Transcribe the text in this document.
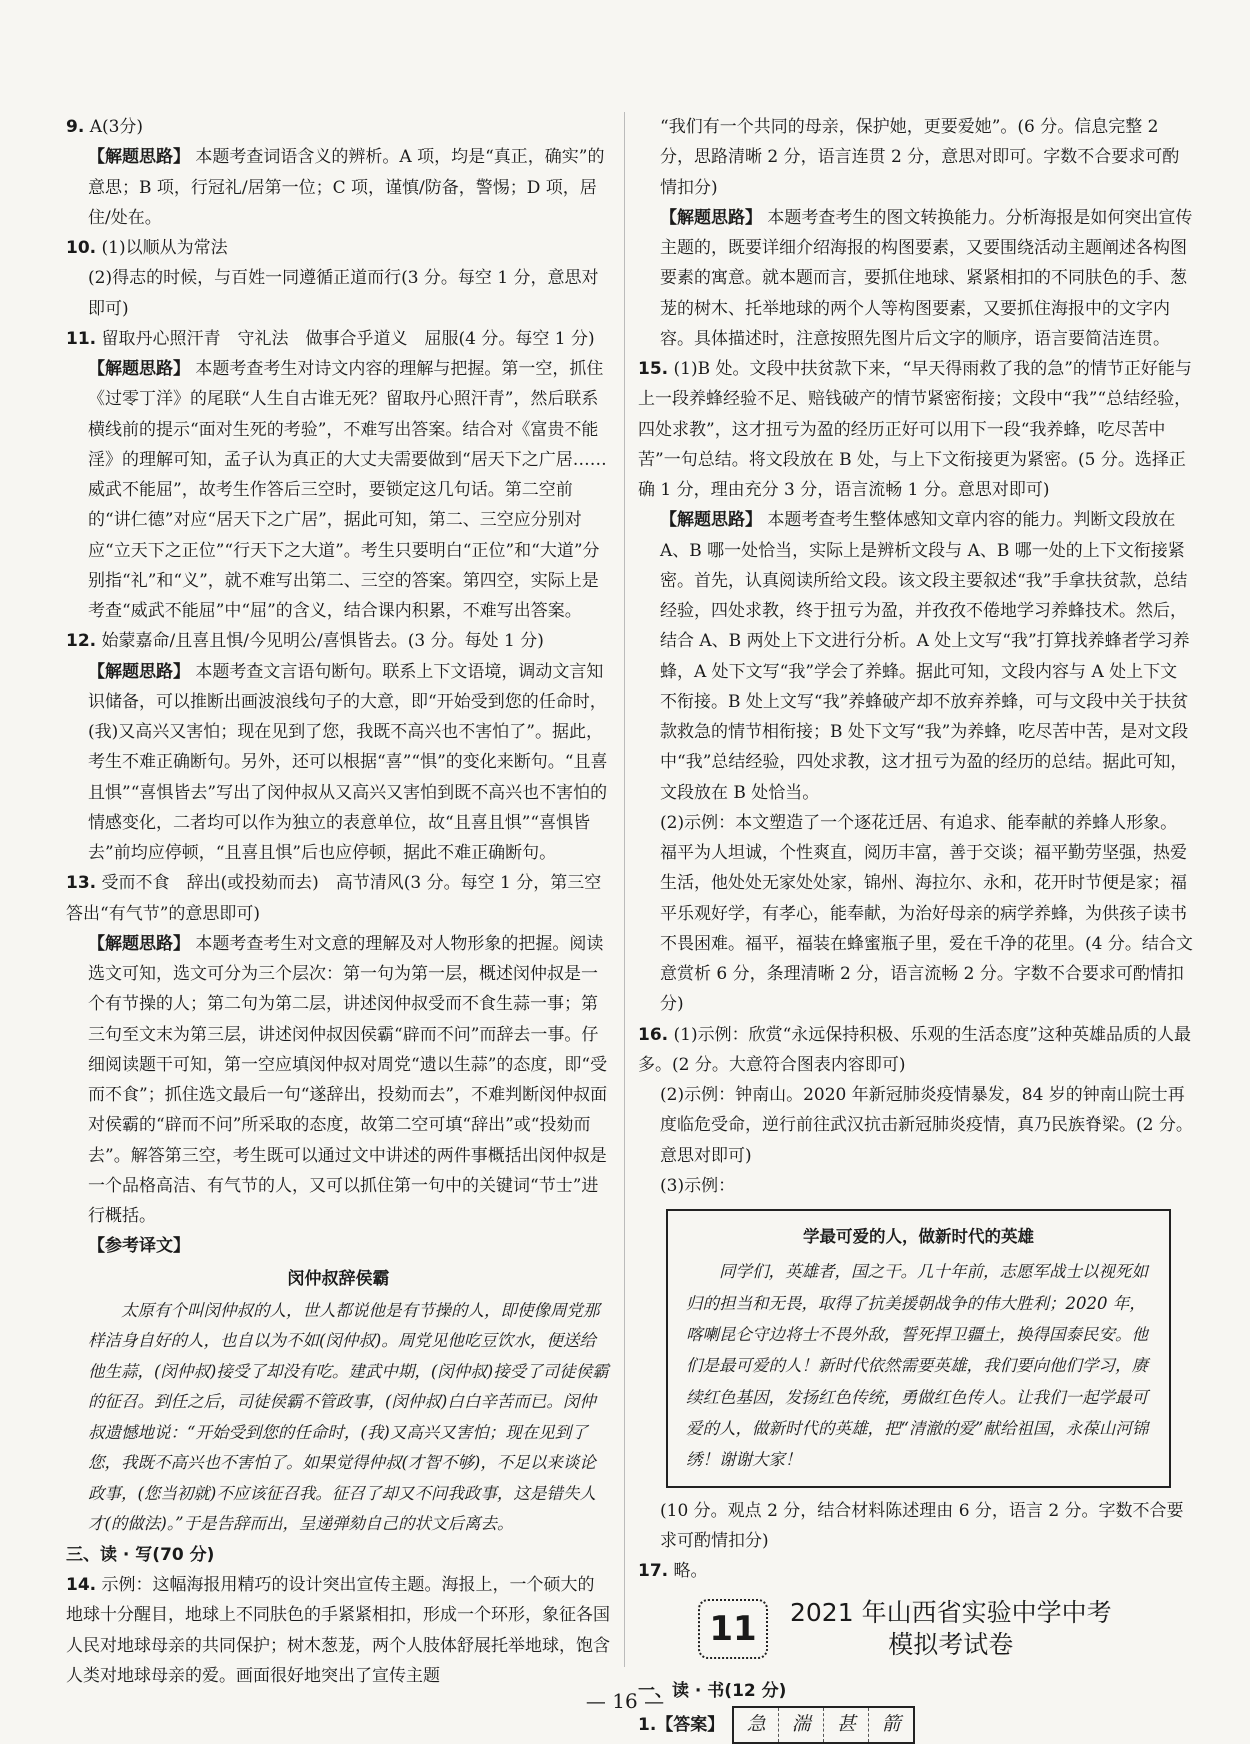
9. A(3分)

【解题思路】 本题考查词语含义的辨析。A 项，均是“真正，确实”的意思；B 项，行冠礼/居第一位；C 项，谨慎/防备，警惕；D 项，居住/处在。

10. (1)以顺从为常法

(2)得志的时候，与百姓一同遵循正道而行(3 分。每空 1 分，意思对即可)

11. 留取丹心照汗青　守礼法　做事合乎道义　屈服(4 分。每空 1 分)

【解题思路】 本题考查考生对诗文内容的理解与把握。第一空，抓住《过零丁洋》的尾联“人生自古谁无死？留取丹心照汗青”，然后联系横线前的提示“面对生死的考验”，不难写出答案。结合对《富贵不能淫》的理解可知，孟子认为真正的大丈夫需要做到“居天下之广居……威武不能屈”，故考生作答后三空时，要锁定这几句话。第二空前的“讲仁德”对应“居天下之广居”，据此可知，第二、三空应分别对应“立天下之正位”“行天下之大道”。考生只要明白“正位”和“大道”分别指“礼”和“义”，就不难写出第二、三空的答案。第四空，实际上是考查“威武不能屈”中“屈”的含义，结合课内积累，不难写出答案。

12. 始蒙嘉命/且喜且惧/今见明公/喜惧皆去。(3 分。每处 1 分)

【解题思路】 本题考查文言语句断句。联系上下文语境，调动文言知识储备，可以推断出画波浪线句子的大意，即“开始受到您的任命时，(我)又高兴又害怕；现在见到了您，我既不高兴也不害怕了”。据此，考生不难正确断句。另外，还可以根据“喜”“惧”的变化来断句。“且喜且惧”“喜惧皆去”写出了闵仲叔从又高兴又害怕到既不高兴也不害怕的情感变化，二者均可以作为独立的表意单位，故“且喜且惧”“喜惧皆去”前均应停顿，“且喜且惧”后也应停顿，据此不难正确断句。

13. 受而不食　辞出(或投劾而去)　高节清风(3 分。每空 1 分，第三空答出“有气节”的意思即可)

【解题思路】 本题考查考生对文意的理解及对人物形象的把握。阅读选文可知，选文可分为三个层次：第一句为第一层，概述闵仲叔是一个有节操的人；第二句为第二层，讲述闵仲叔受而不食生蒜一事；第三句至文末为第三层，讲述闵仲叔因侯霸“辟而不问”而辞去一事。仔细阅读题干可知，第一空应填闵仲叔对周党“遗以生蒜”的态度，即“受而不食”；抓住选文最后一句“遂辞出，投劾而去”，不难判断闵仲叔面对侯霸的“辟而不问”所采取的态度，故第二空可填“辞出”或“投劾而去”。解答第三空，考生既可以通过文中讲述的两件事概括出闵仲叔是一个品格高洁、有气节的人，又可以抓住第一句中的关键词“节士”进行概括。

【参考译文】

闵仲叔辞侯霸

太原有个叫闵仲叔的人，世人都说他是有节操的人，即使像周党那样洁身自好的人，也自以为不如(闵仲叔)。周党见他吃豆饮水，便送给他生蒜，(闵仲叔)接受了却没有吃。建武中期，(闵仲叔)接受了司徒侯霸的征召。到任之后，司徒侯霸不管政事，(闵仲叔)白白辛苦而已。闵仲叔遗憾地说：“开始受到您的任命时，(我)又高兴又害怕；现在见到了您，我既不高兴也不害怕了。如果觉得仲叔(才智不够)，不足以来谈论政事，(您当初就)不应该征召我。征召了却又不问我政事，这是错失人才(的做法)。”于是告辞而出，呈递弹劾自己的状文后离去。

三、读 · 写(70 分)

14. 示例：这幅海报用精巧的设计突出宣传主题。海报上，一个硕大的地球十分醒目，地球上不同肤色的手紧紧相扣，形成一个环形，象征各国人民对地球母亲的共同保护；树木葱茏，两个人肢体舒展托举地球，饱含人类对地球母亲的爱。画面很好地突出了宣传主题

“我们有一个共同的母亲，保护她，更要爱她”。(6 分。信息完整 2 分，思路清晰 2 分，语言连贯 2 分，意思对即可。字数不合要求可酌情扣分)

【解题思路】 本题考查考生的图文转换能力。分析海报是如何突出宣传主题的，既要详细介绍海报的构图要素，又要围绕活动主题阐述各构图要素的寓意。就本题而言，要抓住地球、紧紧相扣的不同肤色的手、葱茏的树木、托举地球的两个人等构图要素，又要抓住海报中的文字内容。具体描述时，注意按照先图片后文字的顺序，语言要简洁连贯。

15. (1)B 处。文段中扶贫款下来，“早天得雨救了我的急”的情节正好能与上一段养蜂经验不足、赔钱破产的情节紧密衔接；文段中“我”“总结经验，四处求教”，这才扭亏为盈的经历正好可以用下一段“我养蜂，吃尽苦中苦”一句总结。将文段放在 B 处，与上下文衔接更为紧密。(5 分。选择正确 1 分，理由充分 3 分，语言流畅 1 分。意思对即可)

【解题思路】 本题考查考生整体感知文章内容的能力。判断文段放在 A、B 哪一处恰当，实际上是辨析文段与 A、B 哪一处的上下文衔接紧密。首先，认真阅读所给文段。该文段主要叙述“我”手拿扶贫款，总结经验，四处求教，终于扭亏为盈，并孜孜不倦地学习养蜂技术。然后，结合 A、B 两处上下文进行分析。A 处上文写“我”打算找养蜂者学习养蜂，A 处下文写“我”学会了养蜂。据此可知，文段内容与 A 处上下文不衔接。B 处上文写“我”养蜂破产却不放弃养蜂，可与文段中关于扶贫款救急的情节相衔接；B 处下文写“我”为养蜂，吃尽苦中苦，是对文段中“我”总结经验，四处求教，这才扭亏为盈的经历的总结。据此可知，文段放在 B 处恰当。

(2)示例：本文塑造了一个逐花迁居、有追求、能奉献的养蜂人形象。福平为人坦诚，个性爽直，阅历丰富，善于交谈；福平勤劳坚强，热爱生活，他处处无家处处家，锦州、海拉尔、永和，花开时节便是家；福平乐观好学，有孝心，能奉献，为治好母亲的病学养蜂，为供孩子读书不畏困难。福平，福装在蜂蜜瓶子里，爱在千净的花里。(4 分。结合文意赏析 6 分，条理清晰 2 分，语言流畅 2 分。字数不合要求可酌情扣分)

16. (1)示例：欣赏“永远保持积极、乐观的生活态度”这种英雄品质的人最多。(2 分。大意符合图表内容即可)

(2)示例：钟南山。2020 年新冠肺炎疫情暴发，84 岁的钟南山院士再度临危受命，逆行前往武汉抗击新冠肺炎疫情，真乃民族脊梁。(2 分。意思对即可)

(3)示例：

学最可爱的人，做新时代的英雄

同学们，英雄者，国之干。几十年前，志愿军战士以视死如归的担当和无畏，取得了抗美援朝战争的伟大胜利；2020 年，喀喇昆仑守边将士不畏外敌，誓死捍卫疆土，换得国泰民安。他们是最可爱的人！新时代依然需要英雄，我们要向他们学习，赓续红色基因，发扬红色传统，勇做红色传人。让我们一起学最可爱的人，做新时代的英雄，把“清澈的爱”献给祖国，永葆山河锦绣！谢谢大家！

(10 分。观点 2 分，结合材料陈述理由 6 分，语言 2 分。字数不合要求可酌情扣分)

17. 略。

11	2021 年山西省实验中学中考
模拟考试卷

一、读 · 书(12 分)

1. 【答案】	急	湍	甚	箭
— 16 —
